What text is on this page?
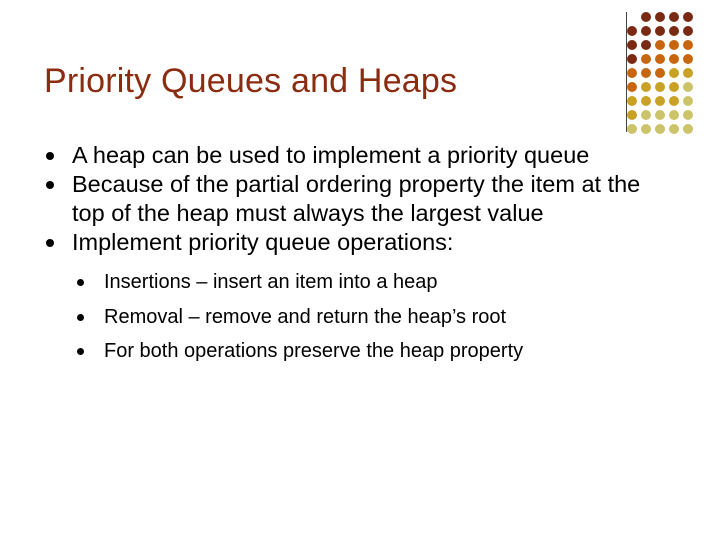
Priority Queues and Heaps
A heap can be used to implement a priority queue
Because of the partial ordering property the item at the top of the heap must always the largest value
Implement priority queue operations:
Insertions – insert an item into a heap
Removal – remove and return the heap’s root
For both operations preserve the heap property
